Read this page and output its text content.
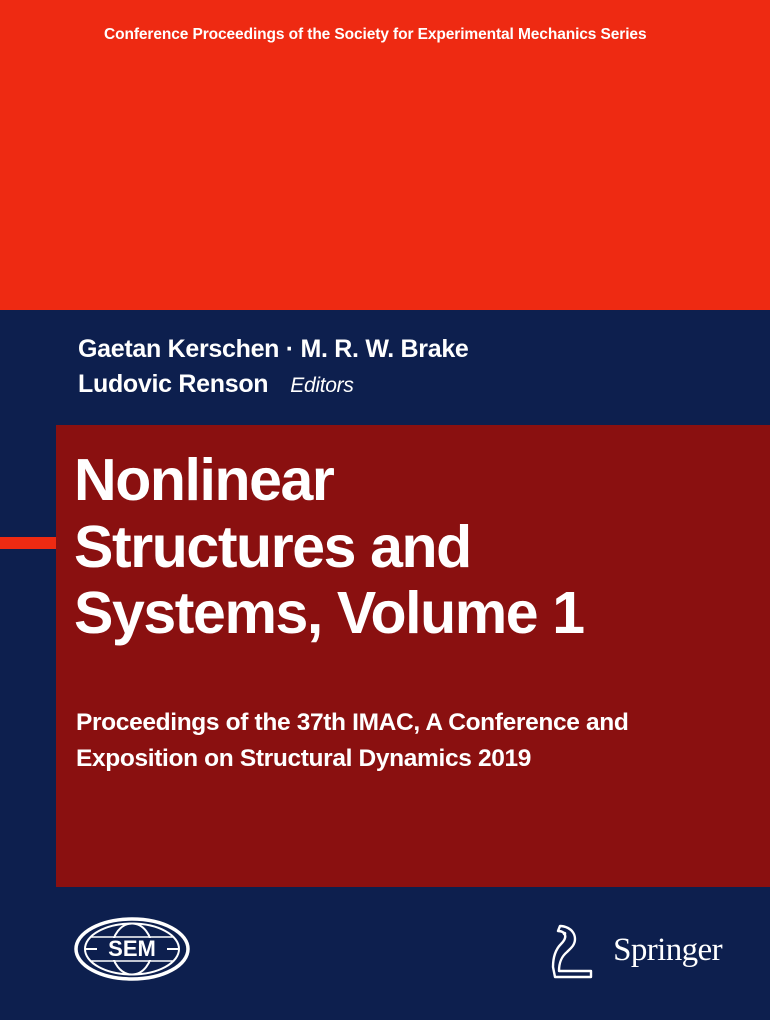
Conference Proceedings of the Society for Experimental Mechanics Series
Gaetan Kerschen · M. R. W. Brake
Ludovic Renson Editors
Nonlinear
Structures and
Systems, Volume 1
Proceedings of the 37th IMAC, A Conference and
Exposition on Structural Dynamics 2019
SEM	Springer
